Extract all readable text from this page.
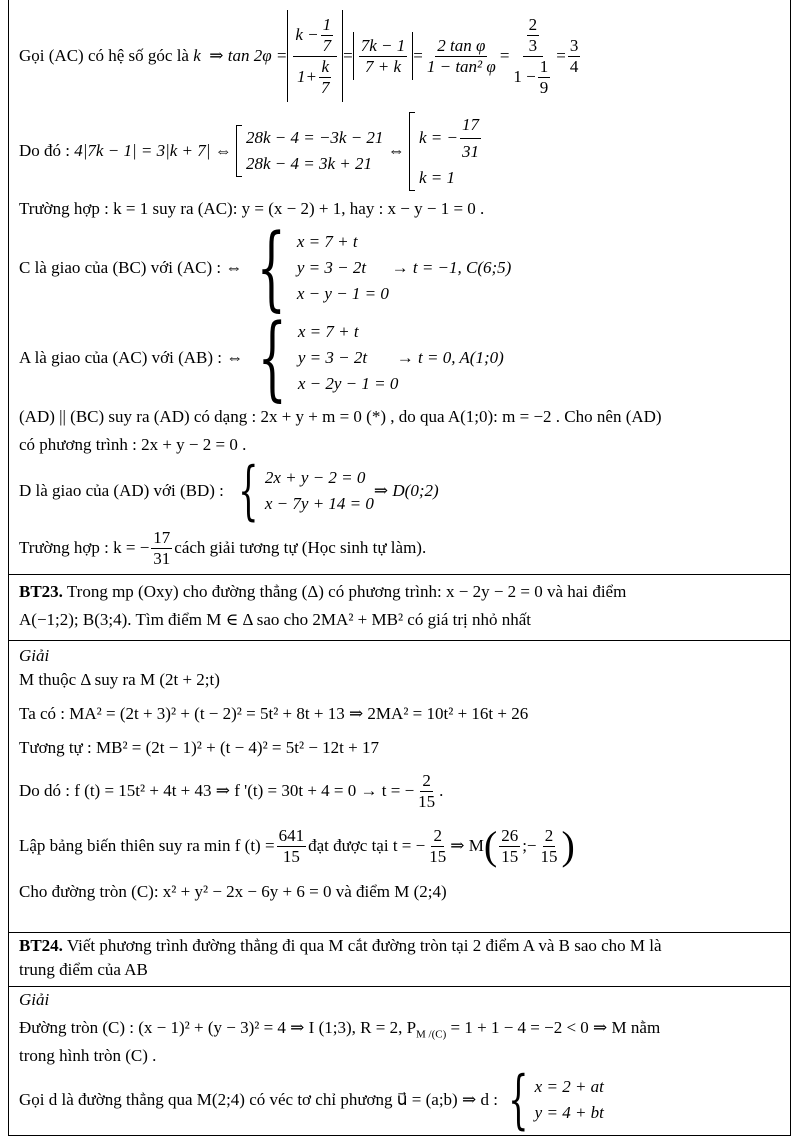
Gọi (AC) có hệ số góc là
k
⇒ $\tan 2\varphi = \frac{k - \frac{1}{7}}{1+ \frac{k}{7}} = \frac{7k - 1}{7 + k} = \frac{\text{2 tan φ}}{\text{1 − tan² φ}} = \frac{\frac{2}{3}}{1 - \frac{1}{9}} = \frac{3}{4}$
Do đó :
4|7k − 1| = 3|k + 7| ⇔

28k − 4 = −3k − 21
28k − 4 = 3k + 21

⇔

k = − $\frac{17}{31}$
k = 1
Trường hợp : k = 1 suy ra (AC): y = (x − 2) + 1, hay : x − y − 1 = 0 .
C là giao của (BC) với (AC) : ⇔ { x = 7 + t
y = 3 − 2t      → t = −1, C(6;5)
x − y − 1 = 0
A là giao của (AC) với (AB) : ⇔ { x = 7 + t
y = 3 − 2t       → t = 0, A(1;0)
x − 2y − 1 = 0
(AD) || (BC) suy ra (AD) có dạng : 2x + y + m = 0 (*) , do qua A(1;0): m = −2 . Cho nên (AD)
có phương trình : 2x + y − 2 = 0 .
D là giao của (AD) với (BD) :
{ 2x + y − 2 = 0
x − 7y + 14 = 0
⇒ D(0;2)
Trường hợp : k = − $\frac{17}{31}$ cách giải tương tự (Học sinh tự làm).
BT23. Trong mp (Oxy) cho đường thẳng (Δ) có phương trình: x − 2y − 2 = 0 và hai điểm
A(−1;2); B(3;4). Tìm điểm M ∈ Δ sao cho 2MA² + MB² có giá trị nhỏ nhất
Giải
M thuộc Δ suy ra M (2t + 2;t)
Ta có : MA² = (2t + 3)² + (t − 2)² = 5t² + 8t + 13 ⇒ 2MA² = 10t² + 16t + 26
Tương tự : MB² = (2t − 1)² + (t − 4)² = 5t² − 12t + 17
Do dó : f (t) = 15t² + 4t + 43 ⇒ f '(t) = 30t + 4 = 0 → t = − $\frac{2}{15}$ .
Lập bảng biến thiên suy ra min f $(t) = \frac{641}{15}$ đạt được tại t = − $\frac{2}{15}$ ⇒ M ( $\frac{26}{15}$ ;− $\frac{2}{15}$ )
Cho đường tròn (C): x² + y² − 2x − 6y + 6 = 0 và điểm M (2;4)
BT24. Viết phương trình đường thẳng đi qua M cắt đường tròn tại 2 điểm A và B sao cho M là
trung điểm của AB
Giải
Đường tròn (C) : (x − 1)² + (y − 3)² = 4 ⇒ I (1;3), R = 2, $P_{M /(C)} = 1 + 1 - 4 = -2 < 0$ ⇒ M nằm
trong hình tròn (C) .
Gọi d là đường thẳng qua M(2;4) có véc tơ chỉ phương u⃗ = (a;b) ⇒ d : { x = 2 + at
y = 4 + bt
